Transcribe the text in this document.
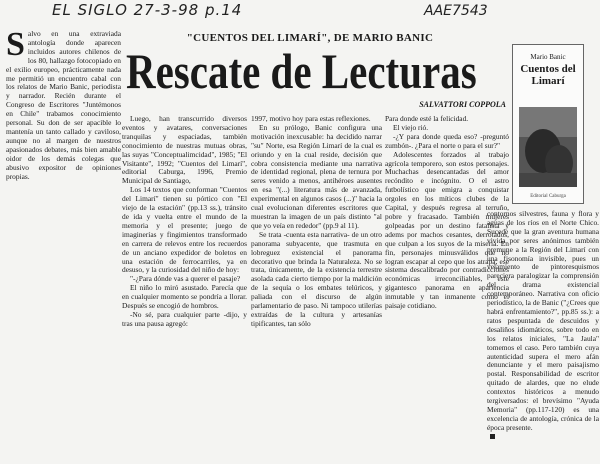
EL SIGLO 27-3-98 p.14	AAE7543
"CUENTOS DEL LIMARÍ", DE MARIO BANIC
Rescate de Lecturas
SALVATTORI COPPOLA
S alvo en una extraviada antología donde aparecen incluidos autores chilenos de los 80, hallazgo fotocopiado en el exilio europeo, prácticamente nada me permitió un encuentro cabal con los relatos de Mario Banic, periodista y narrador. Recién durante el Congreso de Escritores "Juntémonos en Chile" trabamos conocimiento personal. Su don de ser apacible lo mantenía un tanto callado y caviloso, aunque no al margen de nuestros apasionados debates, más bien amable oidor de los demás colegas que abusivo expositor de opiniones propias.

Luego, han transcurrido diversos eventos y avatares, conversaciones tranquilas y espaciadas, también conocimiento de nuestras mutuas obras, las suyas "Conceptualimcidad", 1985; "El Visitante", 1992; "Cuentos del Limarí", editorial Caburga, 1996, Premio Municipal de Santiago,

Los 14 textos que conforman "Cuentos del Limarí" tienen su pórtico con "El viejo de la estación" (pp.13 ss.), tránsito de ida y vuelta entre el mundo de la memoria y el presente; juego de imaginerías y fingimientos transformado en carrera de relevos entre los recuerdos de un anciano expedidor de boletos en una estación de ferrocarriles, ya en desuso, y la curiosidad del niño de hoy:

"-¿Para dónde vas a querer el pasaje?

El niño lo miró asustado. Parecía que en cualquier momento se pondría a llorar. Después se encogió de hombros.

-No sé, para cualquier parte -dijo, y tras una pausa agregó:

1997, motivo hoy para estas reflexiones.

En su prólogo, Banic configura una motivación inexcusable: ha decidido narrar "su" Norte, esa Región Limarí de la cual es oriundo y en la cual reside, decisión que cobra consistencia mediante una narrativa de identidad regional, plena de ternura por seres venido a menos, antihéroes ausentes en esa "(...) literatura más de avanzada, experimental en algunos casos (...)" hacia la cual evolucionan diferentes escritores que muestran la imagen de un país distinto "al que yo veía en rededor" (pp.9 al 11).

Se trata -cuenta esta narrativa- de un otro panorama subyacente, que trasmuta en lobreguez existencial el panorama decorativo que brinda la Naturaleza. No se trata, únicamente, de la existencia terrestre asolada cada cierto tiempo por la maldición de la sequía o los embates telúricos, y paliada con el discurso de algún parlamentario de paso. Ni tampoco utilerías extraídas de la cultura y artesanías tipificantes, tan sólo

Para donde esté la felicidad.

El viejo rió.

-¿Y para donde queda eso? -preguntó zumbón-. ¿Para el norte o para el sur?"

Adolescentes forzados al trabajo agrícola temporero, son estos personajes. Muchachas desencantadas del amor recóndito e incógnito. O el astro futbolístico que emigra a conquistar orgoles en los míticos clubes de la Capital, y después regresa al terruño, pobre y fracasado. También mujeres golpeadas por un destino fatalista y adems por machos cesantes, derrotados, que culpan a los suyos de la miseria. En fin, personajes minusválidos que no logran escapar al cepo que los atrapa, ese sistema descalibrado por contradicciones económicas irreconciliables, este gigantesco panorama en apariencia inmutable y tan inmanente como el paisaje cotidiano.

Mario Banic
Cuentos del Limarí
Editorial Caburga

contornos silvestres, fauna y flora y aguas de los ríos en el Norte Chico. Sucede que la gran aventura humana vivida por seres anónimos también premune a la Región del Limarí con una fisonomía invisible, pues un velamiento de pintoresquismos pareciera paralogizar la comprensión del drama existencial contemporáneo. Narrativa con oficio periodístico, la de Banic ("¿Crees que habrá enfrentamiento?", pp.85 ss.): a ratos pespuntada de descuidos y desaliños idiomáticos, sobre todo en los relatos iniciales, "La Jaula" tomemos el caso. Pero también cuya autenticidad supera el mero afán denunciante y el mero paisajismo postal. Responsabilidad de escritor quitado de alardes, que no elude contextos históricos a menudo tergiversados: el brevísimo "Ayuda Memoria" (pp.117-120) es una excelencia de antología, crónica de la época presente.
